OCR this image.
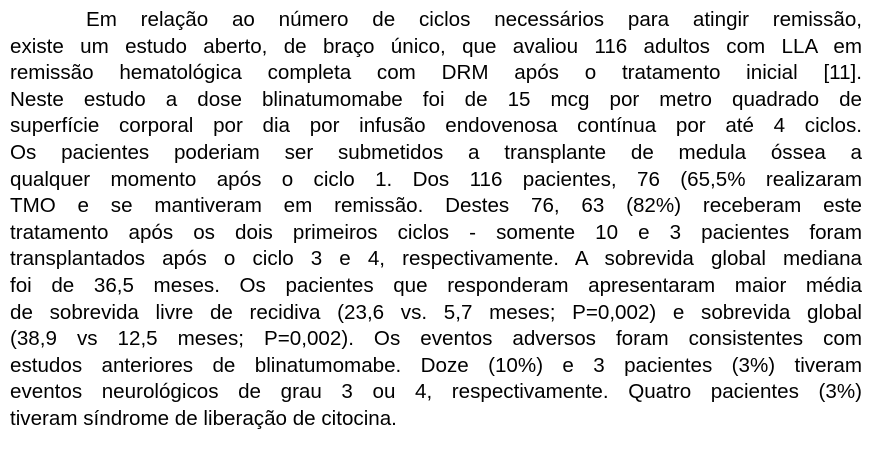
Em relação ao número de ciclos necessários para atingir remissão,
existe um estudo aberto, de braço único, que avaliou 116 adultos com LLA em
remissão hematológica completa com DRM após o tratamento inicial [11].
Neste estudo a dose blinatumomabe foi de 15 mcg por metro quadrado de
superfície corporal por dia por infusão endovenosa contínua por até 4 ciclos.
Os pacientes poderiam ser submetidos a transplante de medula óssea a
qualquer momento após o ciclo 1. Dos 116 pacientes, 76 (65,5% realizaram
TMO e se mantiveram em remissão. Destes 76, 63 (82%) receberam este
tratamento após os dois primeiros ciclos - somente 10 e 3 pacientes foram
transplantados após o ciclo 3 e 4, respectivamente. A sobrevida global mediana
foi de 36,5 meses. Os pacientes que responderam apresentaram maior média
de sobrevida livre de recidiva (23,6 vs. 5,7 meses; P=0,002) e sobrevida global
(38,9 vs 12,5 meses; P=0,002). Os eventos adversos foram consistentes com
estudos anteriores de blinatumomabe. Doze (10%) e 3 pacientes (3%) tiveram
eventos neurológicos de grau 3 ou 4, respectivamente. Quatro pacientes (3%)
tiveram síndrome de liberação de citocina.
